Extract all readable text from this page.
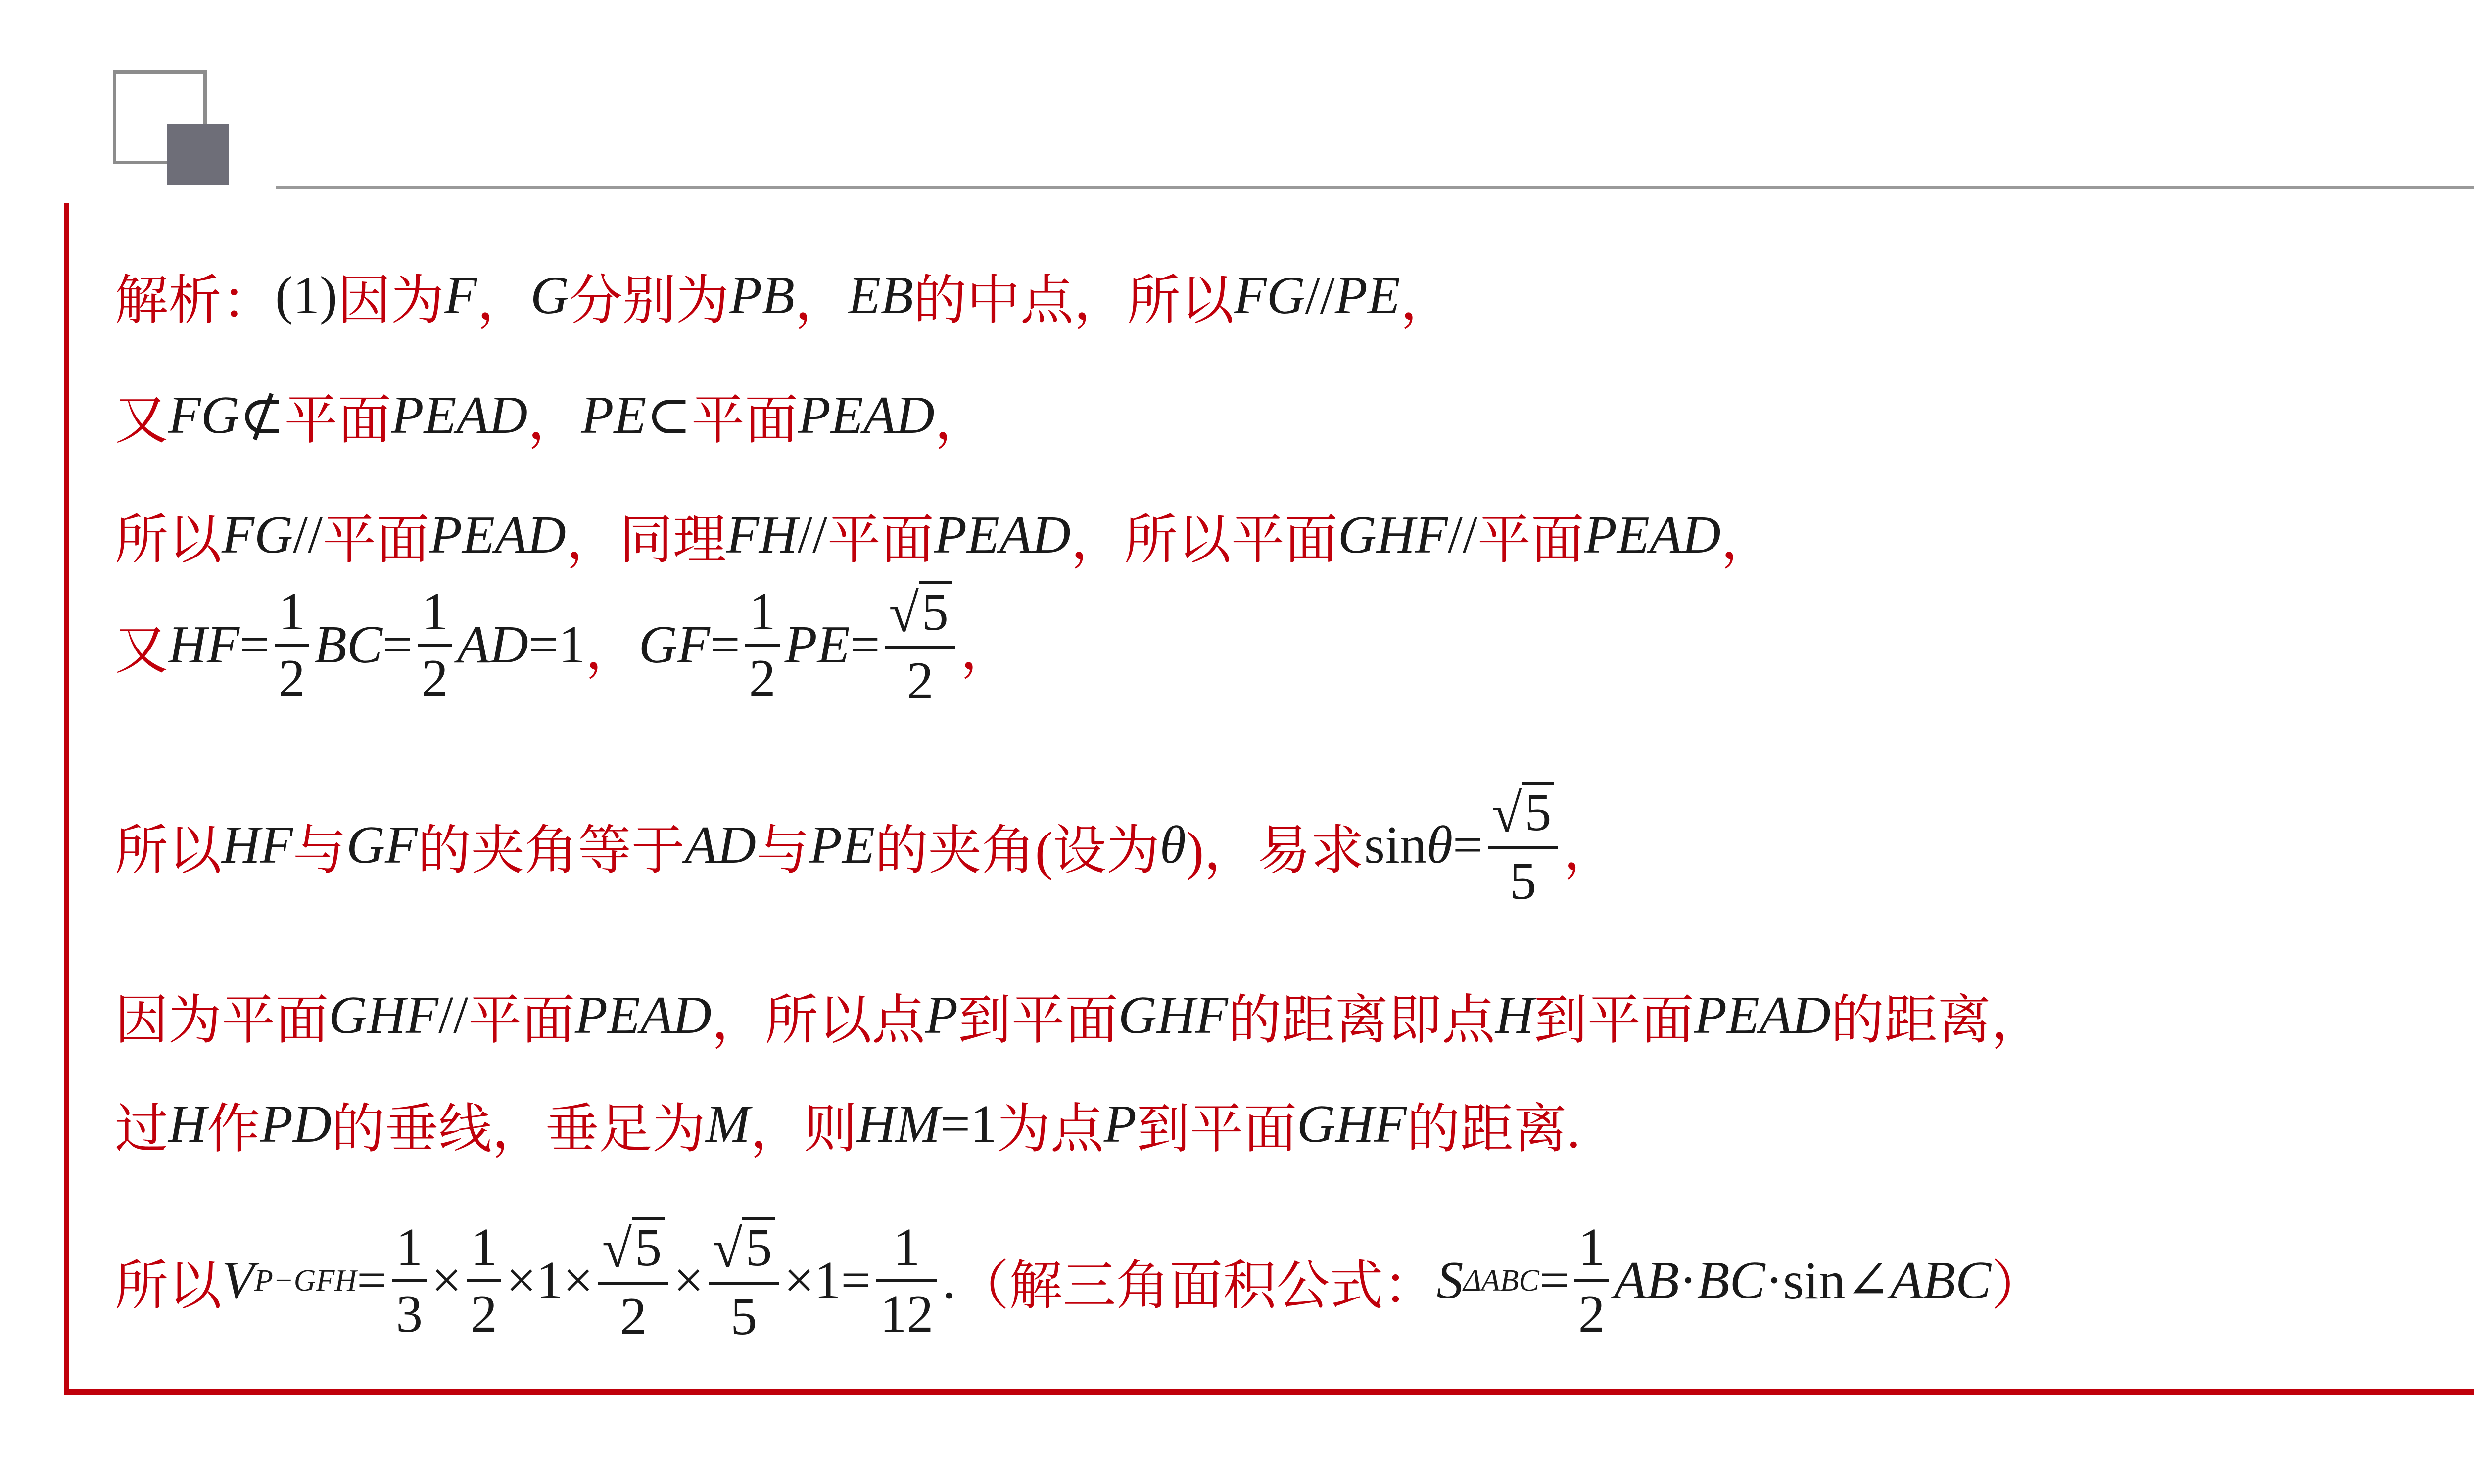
解析： (1) 因为 F ， G 分别为 PB ， EB 的中点，所以 FG // PE ，
又 FG ⊄ 平面 PEAD ， PE ⊂ 平面 PEAD ，
所以 FG // 平面 PEAD ，同理 FH // 平面 PEAD ，所以平面 GHF // 平面 PEAD ，
又 HF =
1
2
BC =
1
2
AD =1 ， GF =
1
2
PE =
√ 5
2
，
所以 HF 与 GF 的夹角等于 AD 与 PE 的夹角(设为 θ )，易求 sin θ =
√ 5
5
，
因为平面 GHF // 平面 PEAD ，所以点 P 到平面 GHF 的距离即点 H 到平面 PEAD 的距离，
过 H 作 PD 的垂线，垂足为 M ，则 HM =1 为点 P 到平面 GHF 的距离.
所以 V P−GFH =
1
3
×
1
2
×1×
√ 5
2
×
√ 5
5
×1=
1
12
. （解三角面积公式： S ΔABC =
1
2
AB · BC · sin∠ ABC ）
